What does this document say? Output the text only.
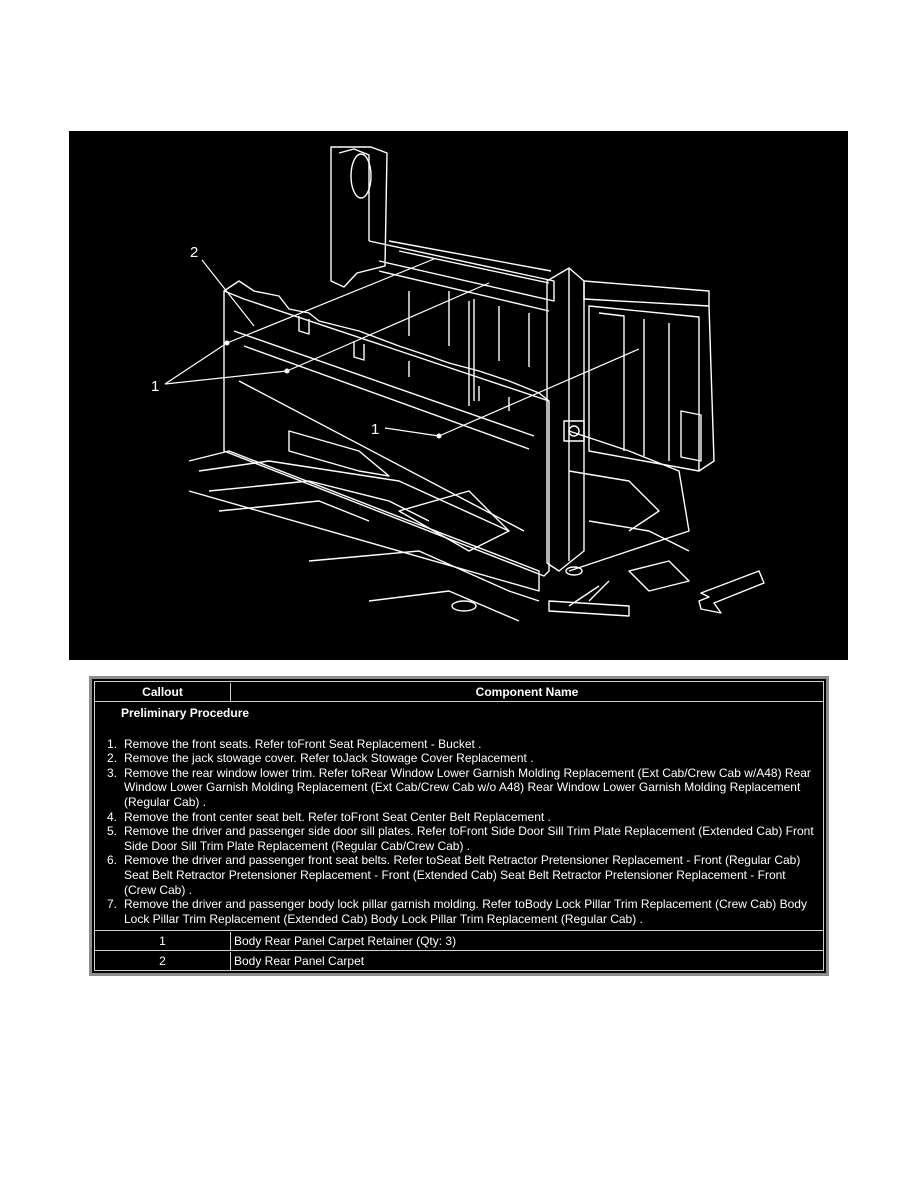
2
1
1
Callout	Component Name
Preliminary Procedure
1. Remove the front seats. Refer toFront Seat Replacement - Bucket .
2. Remove the jack stowage cover. Refer toJack Stowage Cover Replacement .
3. Remove the rear window lower trim. Refer toRear Window Lower Garnish Molding Replacement (Ext Cab/Crew Cab w/A48) Rear Window Lower Garnish Molding Replacement (Ext Cab/Crew Cab w/o A48) Rear Window Lower Garnish Molding Replacement (Regular Cab) .
4. Remove the front center seat belt. Refer toFront Seat Center Belt Replacement .
5. Remove the driver and passenger side door sill plates. Refer toFront Side Door Sill Trim Plate Replacement (Extended Cab) Front Side Door Sill Trim Plate Replacement (Regular Cab/Crew Cab) .
6. Remove the driver and passenger front seat belts. Refer toSeat Belt Retractor Pretensioner Replacement - Front (Regular Cab) Seat Belt Retractor Pretensioner Replacement - Front (Extended Cab) Seat Belt Retractor Pretensioner Replacement - Front (Crew Cab) .
7. Remove the driver and passenger body lock pillar garnish molding. Refer toBody Lock Pillar Trim Replacement (Crew Cab) Body Lock Pillar Trim Replacement (Extended Cab) Body Lock Pillar Trim Replacement (Regular Cab) .
1	Body Rear Panel Carpet Retainer (Qty: 3)
2	Body Rear Panel Carpet
